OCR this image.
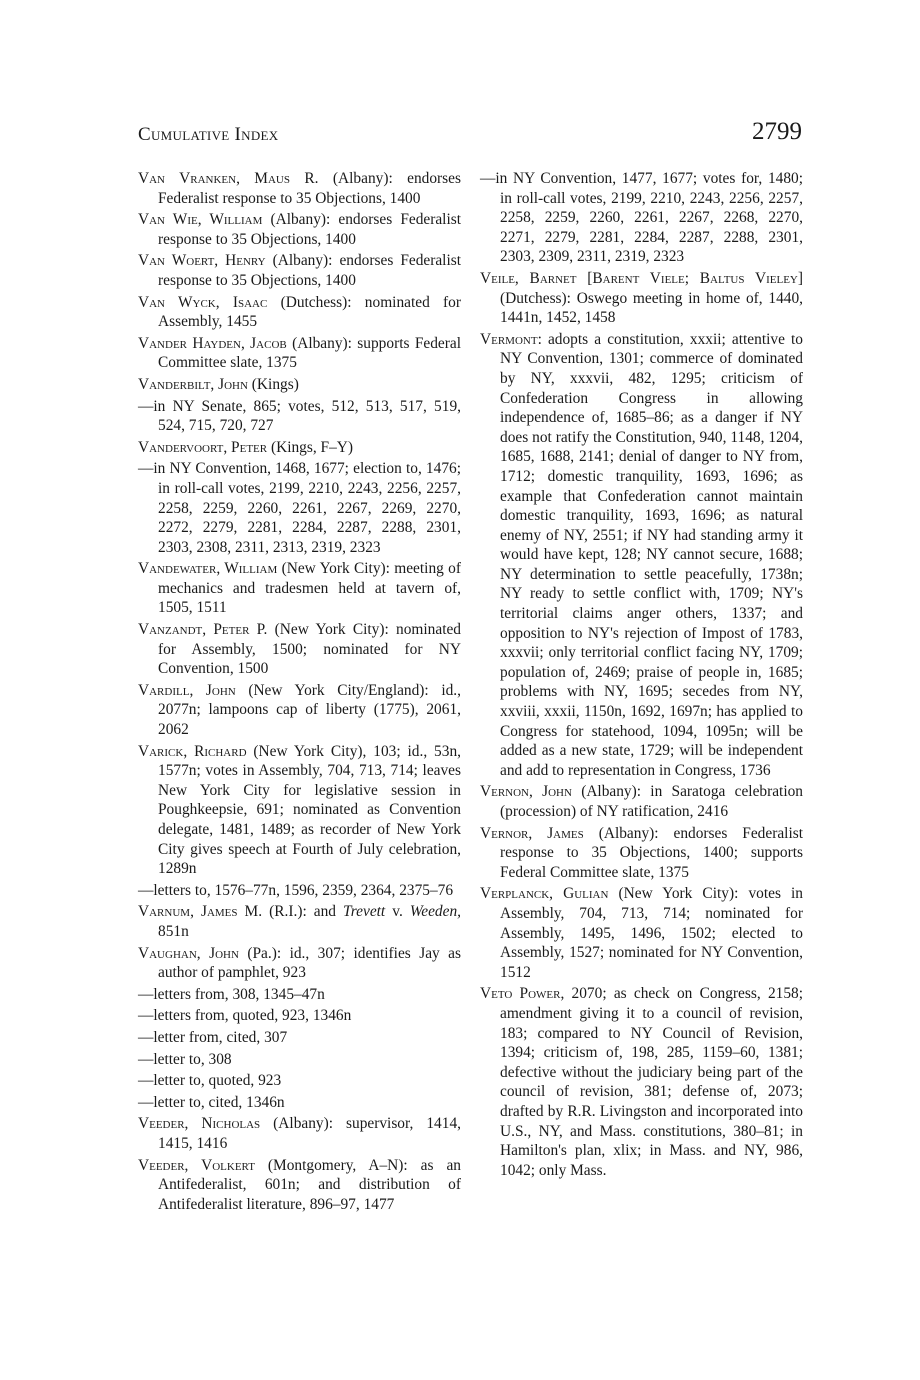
Cumulative Index	2799

Van Vranken, Maus R. (Albany): endorses Federalist response to 35 Objections, 1400

Van Wie, William (Albany): endorses Federalist response to 35 Objections, 1400

Van Woert, Henry (Albany): endorses Federalist response to 35 Objections, 1400

Van Wyck, Isaac (Dutchess): nominated for Assembly, 1455

Vander Hayden, Jacob (Albany): supports Federal Committee slate, 1375

Vanderbilt, John (Kings)

—in NY Senate, 865; votes, 512, 513, 517, 519, 524, 715, 720, 727

Vandervoort, Peter (Kings, F–Y)

—in NY Convention, 1468, 1677; election to, 1476; in roll-call votes, 2199, 2210, 2243, 2256, 2257, 2258, 2259, 2260, 2261, 2267, 2269, 2270, 2272, 2279, 2281, 2284, 2287, 2288, 2301, 2303, 2308, 2311, 2313, 2319, 2323

Vandewater, William (New York City): meeting of mechanics and tradesmen held at tavern of, 1505, 1511

Vanzandt, Peter P. (New York City): nominated for Assembly, 1500; nominated for NY Convention, 1500

Vardill, John (New York City/England): id., 2077n; lampoons cap of liberty (1775), 2061, 2062

Varick, Richard (New York City), 103; id., 53n, 1577n; votes in Assembly, 704, 713, 714; leaves New York City for legislative session in Poughkeepsie, 691; nominated as Convention delegate, 1481, 1489; as recorder of New York City gives speech at Fourth of July celebration, 1289n

—letters to, 1576–77n, 1596, 2359, 2364, 2375–76

Varnum, James M. (R.I.): and Trevett v. Weeden, 851n

Vaughan, John (Pa.): id., 307; identifies Jay as author of pamphlet, 923

—letters from, 308, 1345–47n

—letters from, quoted, 923, 1346n

—letter from, cited, 307

—letter to, 308

—letter to, quoted, 923

—letter to, cited, 1346n

Veeder, Nicholas (Albany): supervisor, 1414, 1415, 1416

Veeder, Volkert (Montgomery, A–N): as an Antifederalist, 601n; and distribution of Antifederalist literature, 896–97, 1477

—in NY Convention, 1477, 1677; votes for, 1480; in roll-call votes, 2199, 2210, 2243, 2256, 2257, 2258, 2259, 2260, 2261, 2267, 2268, 2270, 2271, 2279, 2281, 2284, 2287, 2288, 2301, 2303, 2309, 2311, 2319, 2323

Veile, Barnet [Barent Viele; Baltus Vieley] (Dutchess): Oswego meeting in home of, 1440, 1441n, 1452, 1458

Vermont: adopts a constitution, xxxii; attentive to NY Convention, 1301; commerce of dominated by NY, xxxvii, 482, 1295; criticism of Confederation Congress in allowing independence of, 1685–86; as a danger if NY does not ratify the Constitution, 940, 1148, 1204, 1685, 1688, 2141; denial of danger to NY from, 1712; domestic tranquility, 1693, 1696; as example that Confederation cannot maintain domestic tranquility, 1693, 1696; as natural enemy of NY, 2551; if NY had standing army it would have kept, 128; NY cannot secure, 1688; NY determination to settle peacefully, 1738n; NY ready to settle conflict with, 1709; NY's territorial claims anger others, 1337; and opposition to NY's rejection of Impost of 1783, xxxvii; only territorial conflict facing NY, 1709; population of, 2469; praise of people in, 1685; problems with NY, 1695; secedes from NY, xxviii, xxxii, 1150n, 1692, 1697n; has applied to Congress for statehood, 1094, 1095n; will be added as a new state, 1729; will be independent and add to representation in Congress, 1736

Vernon, John (Albany): in Saratoga celebration (procession) of NY ratification, 2416

Vernor, James (Albany): endorses Federalist response to 35 Objections, 1400; supports Federal Committee slate, 1375

Verplanck, Gulian (New York City): votes in Assembly, 704, 713, 714; nominated for Assembly, 1495, 1496, 1502; elected to Assembly, 1527; nominated for NY Convention, 1512

Veto Power, 2070; as check on Congress, 2158; amendment giving it to a council of revision, 183; compared to NY Council of Revision, 1394; criticism of, 198, 285, 1159–60, 1381; defective without the judiciary being part of the council of revision, 381; defense of, 2073; drafted by R.R. Livingston and incorporated into U.S., NY, and Mass. constitutions, 380–81; in Hamilton's plan, xlix; in Mass. and NY, 986, 1042; only Mass.
